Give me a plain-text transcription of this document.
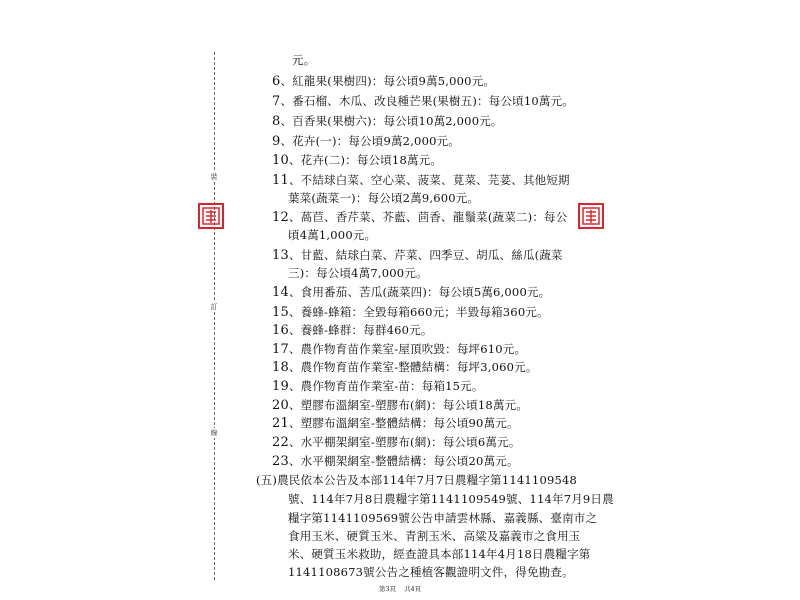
裝
訂
線
元。
6、紅龍果(果樹四)：每公頃9萬5,000元。
7、番石榴、木瓜、改良種芒果(果樹五)：每公頃10萬元。
8、百香果(果樹六)：每公頃10萬2,000元。
9、花卉(一)：每公頃9萬2,000元。
10、花卉(二)：每公頃18萬元。
11、不結球白菜、空心菜、菠菜、莧菜、芫荽、其他短期
葉菜(蔬菜一)：每公頃2萬9,600元。
12、萵苣、香芹菜、芥藍、茴香、龍鬚菜(蔬菜二)：每公
頃4萬1,000元。
13、甘藍、結球白菜、芹菜、四季豆、胡瓜、絲瓜(蔬菜
三)：每公頃4萬7,000元。
14、食用番茄、苦瓜(蔬菜四)：每公頃5萬6,000元。
15、養蜂-蜂箱：全毀每箱660元；半毀每箱360元。
16、養蜂-蜂群：每群460元。
17、農作物育苗作業室-屋頂吹毀：每坪610元。
18、農作物育苗作業室-整體結構：每坪3,060元。
19、農作物育苗作業室-苗：每箱15元。
20、塑膠布溫網室-塑膠布(網)：每公頃18萬元。
21、塑膠布溫網室-整體結構：每公頃90萬元。
22、水平棚架網室-塑膠布(網)：每公頃6萬元。
23、水平棚架網室-整體結構：每公頃20萬元。
(五)農民依本公告及本部114年7月7日農糧字第1141109548
號、114年7月8日農糧字第1141109549號、114年7月9日農
糧字第1141109569號公告申請雲林縣、嘉義縣、臺南市之
食用玉米、硬質玉米、青割玉米、高粱及嘉義市之食用玉
米、硬質玉米救助，經查證具本部114年4月18日農糧字第
1141108673號公告之種植客觀證明文件，得免勘查。
第3頁 共4頁
